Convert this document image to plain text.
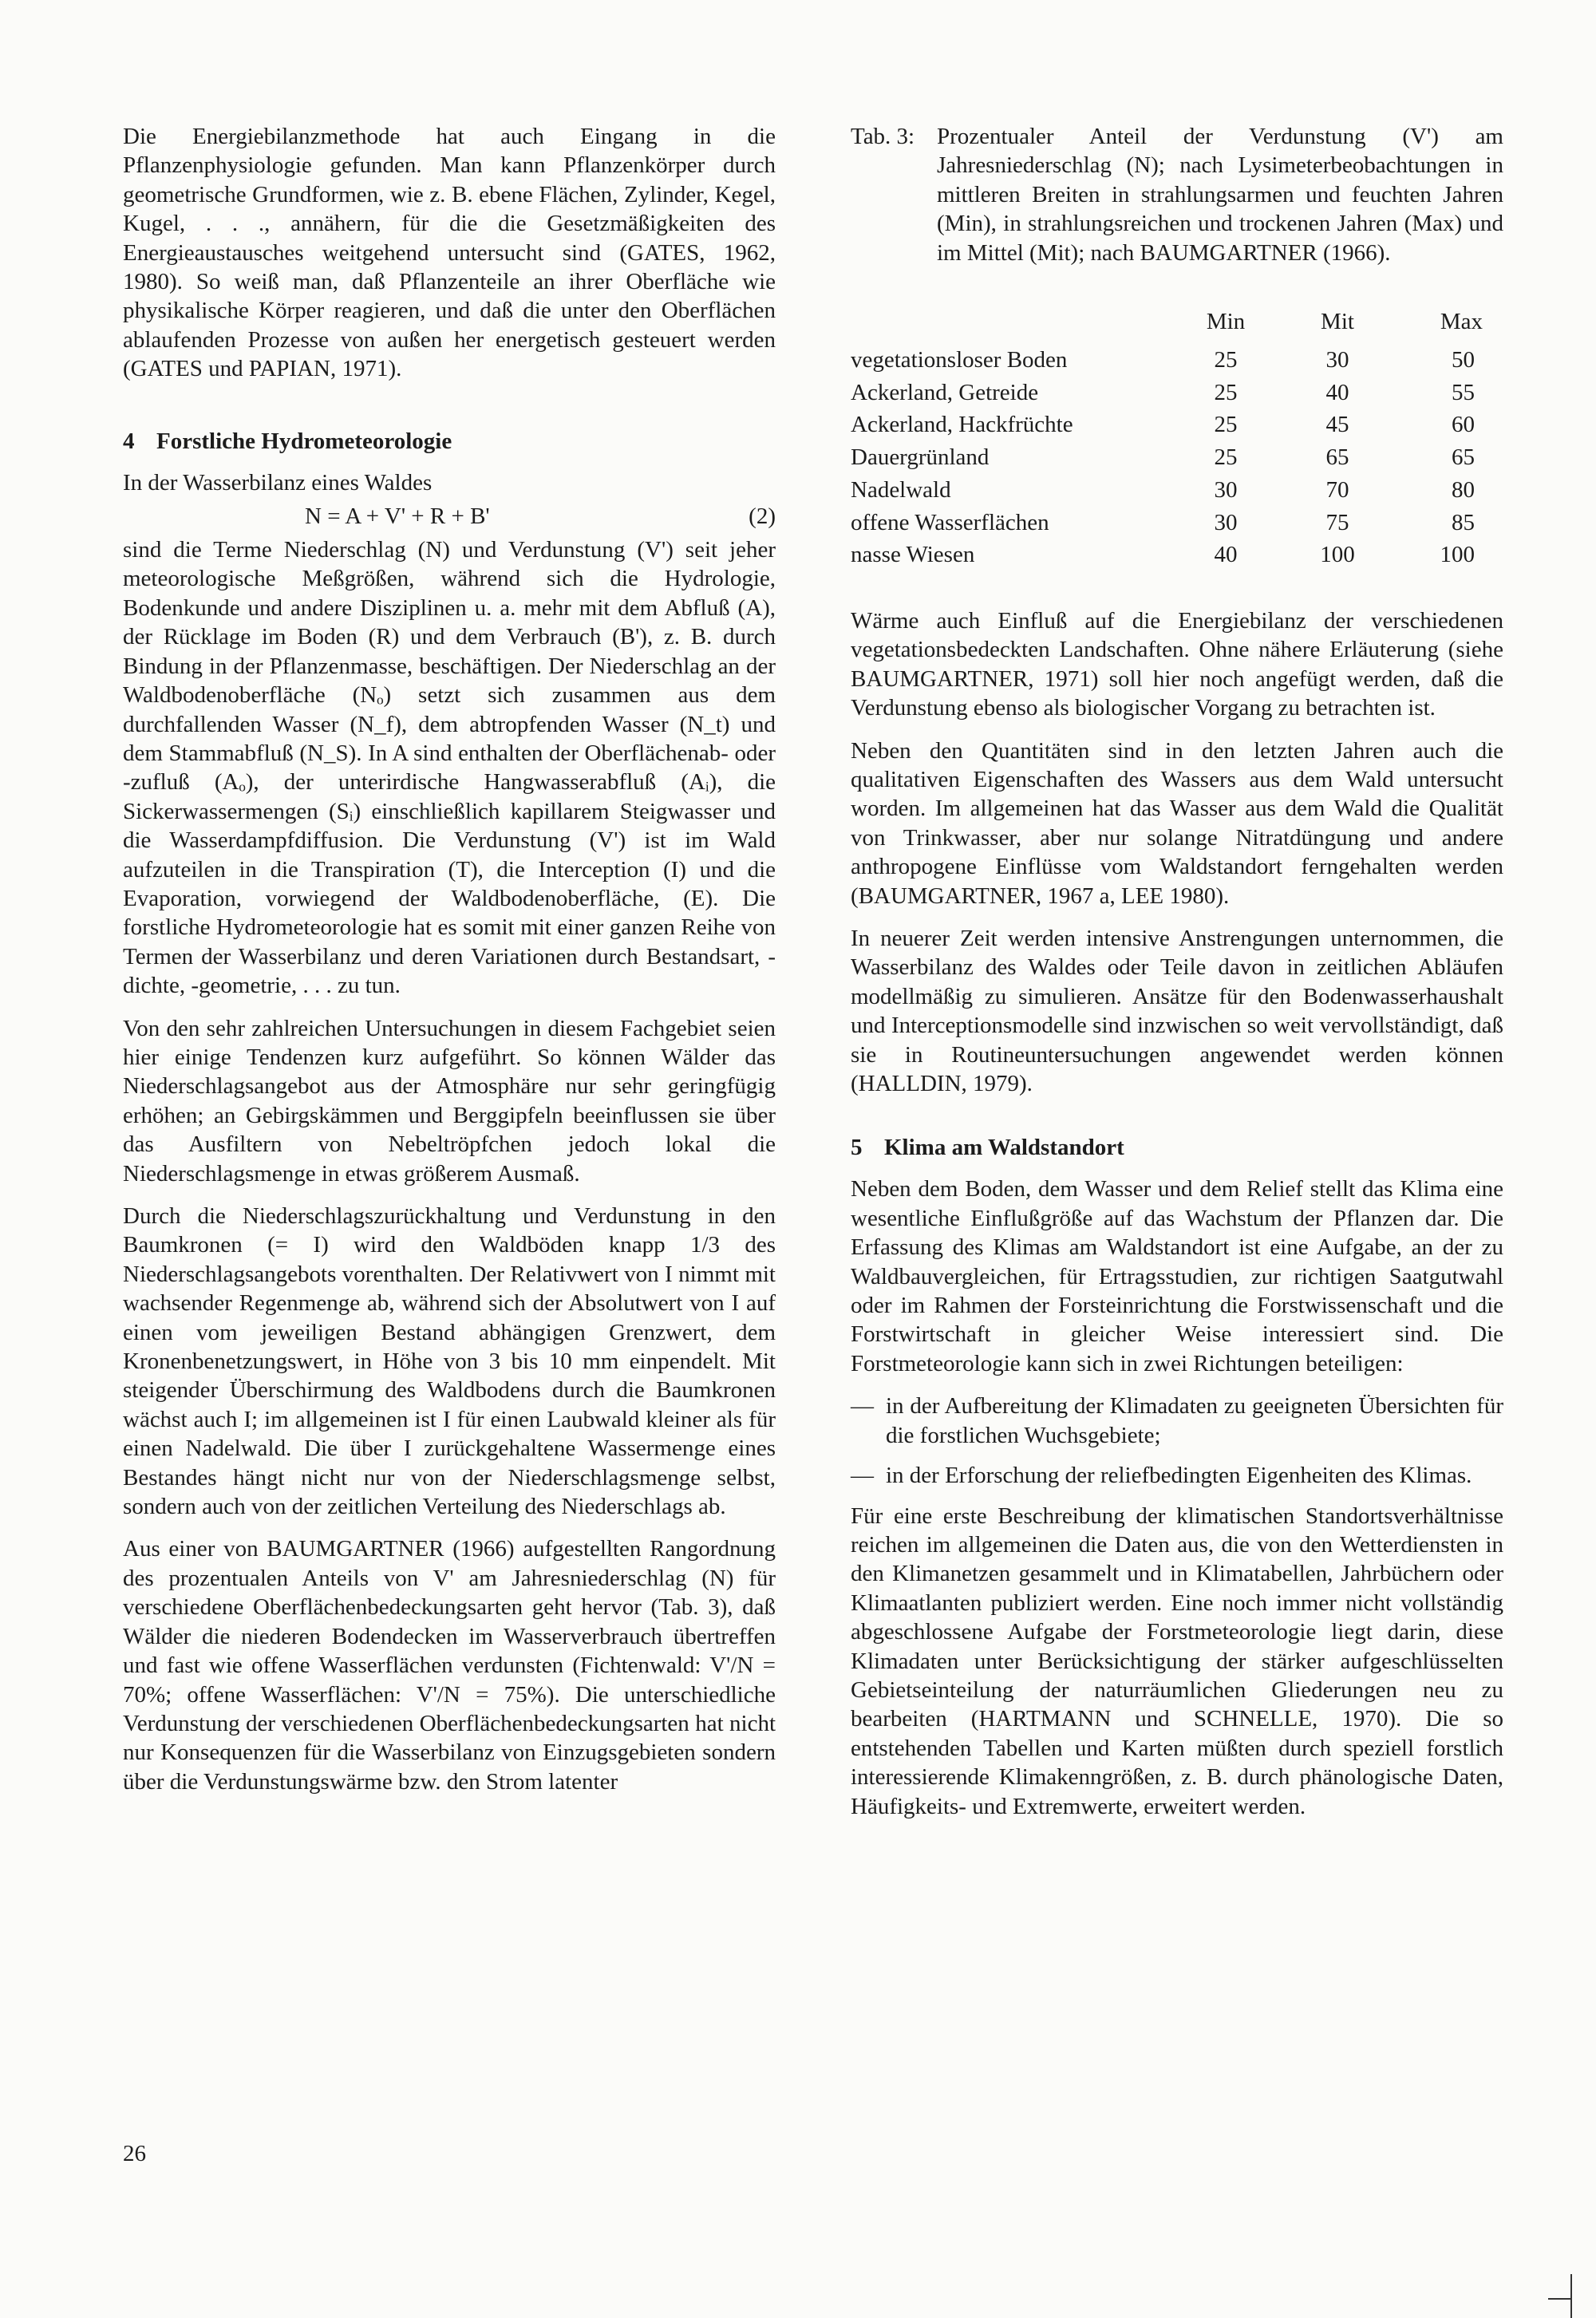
Die Energiebilanzmethode hat auch Eingang in die Pflanzenphysiologie gefunden. Man kann Pflanzenkörper durch geometrische Grundformen, wie z. B. ebene Flächen, Zylinder, Kegel, Kugel, . . ., annähern, für die die Gesetzmäßigkeiten des Energieaustausches weitgehend untersucht sind (GATES, 1962, 1980). So weiß man, daß Pflanzenteile an ihrer Oberfläche wie physikalische Körper reagieren, und daß die unter den Oberflächen ablaufenden Prozesse von außen her energetisch gesteuert werden (GATES und PAPIAN, 1971).

4 Forstliche Hydrometeorologie

In der Wasserbilanz eines Waldes

N = A + V' + R + B'	(2)

sind die Terme Niederschlag (N) und Verdunstung (V') seit jeher meteorologische Meßgrößen, während sich die Hydrologie, Bodenkunde und andere Disziplinen u. a. mehr mit dem Abfluß (A), der Rücklage im Boden (R) und dem Verbrauch (B'), z. B. durch Bindung in der Pflanzenmasse, beschäftigen. Der Niederschlag an der Waldbodenoberfläche (Nₒ) setzt sich zusammen aus dem durchfallenden Wasser (N_f), dem abtropfenden Wasser (N_t) und dem Stammabfluß (N_S). In A sind enthalten der Oberflächenab- oder -zufluß (Aₒ), der unterirdische Hangwasserabfluß (Aᵢ), die Sickerwassermengen (Sᵢ) einschließlich kapillarem Steigwasser und die Wasserdampfdiffusion. Die Verdunstung (V') ist im Wald aufzuteilen in die Transpiration (T), die Interception (I) und die Evaporation, vorwiegend der Waldbodenoberfläche, (E). Die forstliche Hydrometeorologie hat es somit mit einer ganzen Reihe von Termen der Wasserbilanz und deren Variationen durch Bestandsart, -dichte, -geometrie, . . . zu tun.

Von den sehr zahlreichen Untersuchungen in diesem Fachgebiet seien hier einige Tendenzen kurz aufgeführt. So können Wälder das Niederschlagsangebot aus der Atmosphäre nur sehr geringfügig erhöhen; an Gebirgskämmen und Berggipfeln beeinflussen sie über das Ausfiltern von Nebeltröpfchen jedoch lokal die Niederschlagsmenge in etwas größerem Ausmaß.

Durch die Niederschlagszurückhaltung und Verdunstung in den Baumkronen (= I) wird den Waldböden knapp 1/3 des Niederschlagsangebots vorenthalten. Der Relativwert von I nimmt mit wachsender Regenmenge ab, während sich der Absolutwert von I auf einen vom jeweiligen Bestand abhängigen Grenzwert, dem Kronenbenetzungswert, in Höhe von 3 bis 10 mm einpendelt. Mit steigender Überschirmung des Waldbodens durch die Baumkronen wächst auch I; im allgemeinen ist I für einen Laubwald kleiner als für einen Nadelwald. Die über I zurückgehaltene Wassermenge eines Bestandes hängt nicht nur von der Niederschlagsmenge selbst, sondern auch von der zeitlichen Verteilung des Niederschlags ab.

Aus einer von BAUMGARTNER (1966) aufgestellten Rangordnung des prozentualen Anteils von V' am Jahresniederschlag (N) für verschiedene Oberflächenbedeckungsarten geht hervor (Tab. 3), daß Wälder die niederen Bodendecken im Wasserverbrauch übertreffen und fast wie offene Wasserflächen verdunsten (Fichtenwald: V'/N = 70%; offene Wasserflächen: V'/N = 75%). Die unterschiedliche Verdunstung der verschiedenen Oberflächenbedeckungsarten hat nicht nur Konsequenzen für die Wasserbilanz von Einzugsgebieten sondern über die Verdunstungswärme bzw. den Strom latenter

Tab. 3: Prozentualer Anteil der Verdunstung (V') am Jahresniederschlag (N); nach Lysimeterbeobachtungen in mittleren Breiten in strahlungsarmen und feuchten Jahren (Min), in strahlungsreichen und trockenen Jahren (Max) und im Mittel (Mit); nach BAUMGARTNER (1966).
	Min	Mit	Max
vegetationsloser Boden	25	30	50
Ackerland, Getreide	25	40	55
Ackerland, Hackfrüchte	25	45	60
Dauergrünland	25	65	65
Nadelwald	30	70	80
offene Wasserflächen	30	75	85
nasse Wiesen	40	100	100

Wärme auch Einfluß auf die Energiebilanz der verschiedenen vegetationsbedeckten Landschaften. Ohne nähere Erläuterung (siehe BAUMGARTNER, 1971) soll hier noch angefügt werden, daß die Verdunstung ebenso als biologischer Vorgang zu betrachten ist.

Neben den Quantitäten sind in den letzten Jahren auch die qualitativen Eigenschaften des Wassers aus dem Wald untersucht worden. Im allgemeinen hat das Wasser aus dem Wald die Qualität von Trinkwasser, aber nur solange Nitratdüngung und andere anthropogene Einflüsse vom Waldstandort ferngehalten werden (BAUMGARTNER, 1967 a, LEE 1980).

In neuerer Zeit werden intensive Anstrengungen unternommen, die Wasserbilanz des Waldes oder Teile davon in zeitlichen Abläufen modellmäßig zu simulieren. Ansätze für den Bodenwasserhaushalt und Interceptionsmodelle sind inzwischen so weit vervollständigt, daß sie in Routineuntersuchungen angewendet werden können (HALLDIN, 1979).

5 Klima am Waldstandort

Neben dem Boden, dem Wasser und dem Relief stellt das Klima eine wesentliche Einflußgröße auf das Wachstum der Pflanzen dar. Die Erfassung des Klimas am Waldstandort ist eine Aufgabe, an der zu Waldbauvergleichen, für Ertragsstudien, zur richtigen Saatgutwahl oder im Rahmen der Forsteinrichtung die Forstwissenschaft und die Forstwirtschaft in gleicher Weise interessiert sind. Die Forstmeteorologie kann sich in zwei Richtungen beteiligen:

— in der Aufbereitung der Klimadaten zu geeigneten Übersichten für die forstlichen Wuchsgebiete;
— in der Erforschung der reliefbedingten Eigenheiten des Klimas.

Für eine erste Beschreibung der klimatischen Standortsverhältnisse reichen im allgemeinen die Daten aus, die von den Wetterdiensten in den Klimanetzen gesammelt und in Klimatabellen, Jahrbüchern oder Klimaatlanten publiziert werden. Eine noch immer nicht vollständig abgeschlossene Aufgabe der Forstmeteorologie liegt darin, diese Klimadaten unter Berücksichtigung der stärker aufgeschlüsselten Gebietseinteilung der naturräumlichen Gliederungen neu zu bearbeiten (HARTMANN und SCHNELLE, 1970). Die so entstehenden Tabellen und Karten müßten durch speziell forstlich interessierende Klimakenngrößen, z. B. durch phänologische Daten, Häufigkeits- und Extremwerte, erweitert werden.

26
